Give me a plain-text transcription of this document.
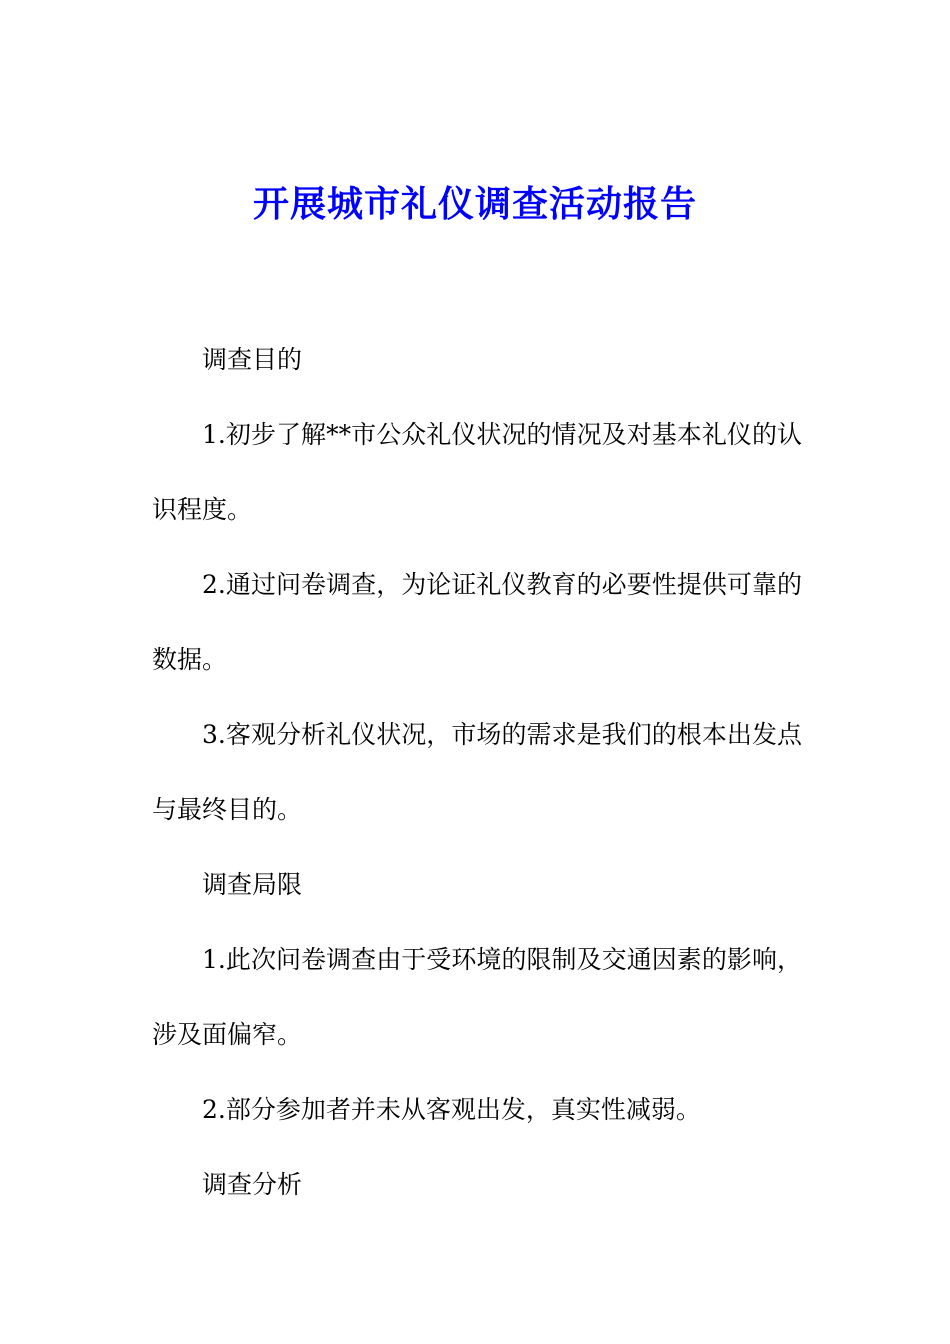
开展城市礼仪调查活动报告

调查目的

1.初步了解**市公众礼仪状况的情况及对基本礼仪的认识程度。

2.通过问卷调查，为论证礼仪教育的必要性提供可靠的数据。

3.客观分析礼仪状况，市场的需求是我们的根本出发点与最终目的。

调查局限

1.此次问卷调查由于受环境的限制及交通因素的影响，涉及面偏窄。

2.部分参加者并未从客观出发，真实性减弱。

调查分析
